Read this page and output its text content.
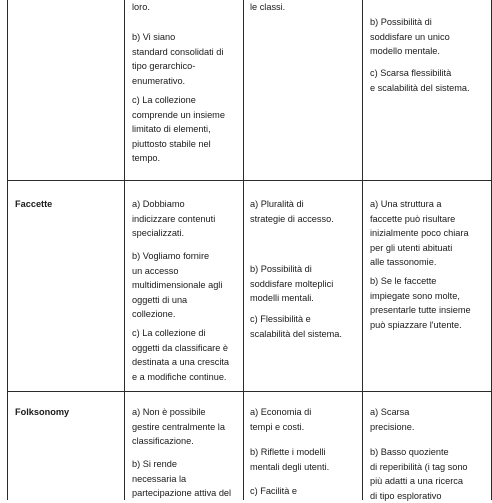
loro.

b) Vi siano
standard consolidati di
tipo gerarchico-
enumerativo.

c) La collezione
comprende un insieme
limitato di elementi,
piuttosto stabile nel
tempo.

le classi.

b) Possibilità di
soddisfare un unico
modello mentale.

c) Scarsa flessibilità
e scalabilità del sistema.

Faccette	a) Dobbiamo
indicizzare contenuti
specializzati.

b) Vogliamo fornire
un accesso
multidimensionale agli
oggetti di una
collezione.

c) La collezione di
oggetti da classificare è
destinata a una crescita
e a modifiche continue.

a) Pluralità di
strategie di accesso.

b) Possibilità di
soddisfare molteplici
modelli mentali.

c) Flessibilità e
scalabilità del sistema.

a) Una struttura a
faccette può risultare
inizialmente poco chiara
per gli utenti abituati
alle tassonomie.

b) Se le faccette
impiegate sono molte,
presentarle tutte insieme
può spiazzare l'utente.

Folksonomy	a) Non è possibile
gestire centralmente la
classificazione.

b) Si rende
necessaria la
partecipazione attiva del

a) Economia di
tempi e costi.

b) Riflette i modelli
mentali degli utenti.

c) Facilità e

a) Scarsa
precisione.

b) Basso quoziente
di reperibilità (i tag sono
più adatti a una ricerca
di tipo esplorativo
